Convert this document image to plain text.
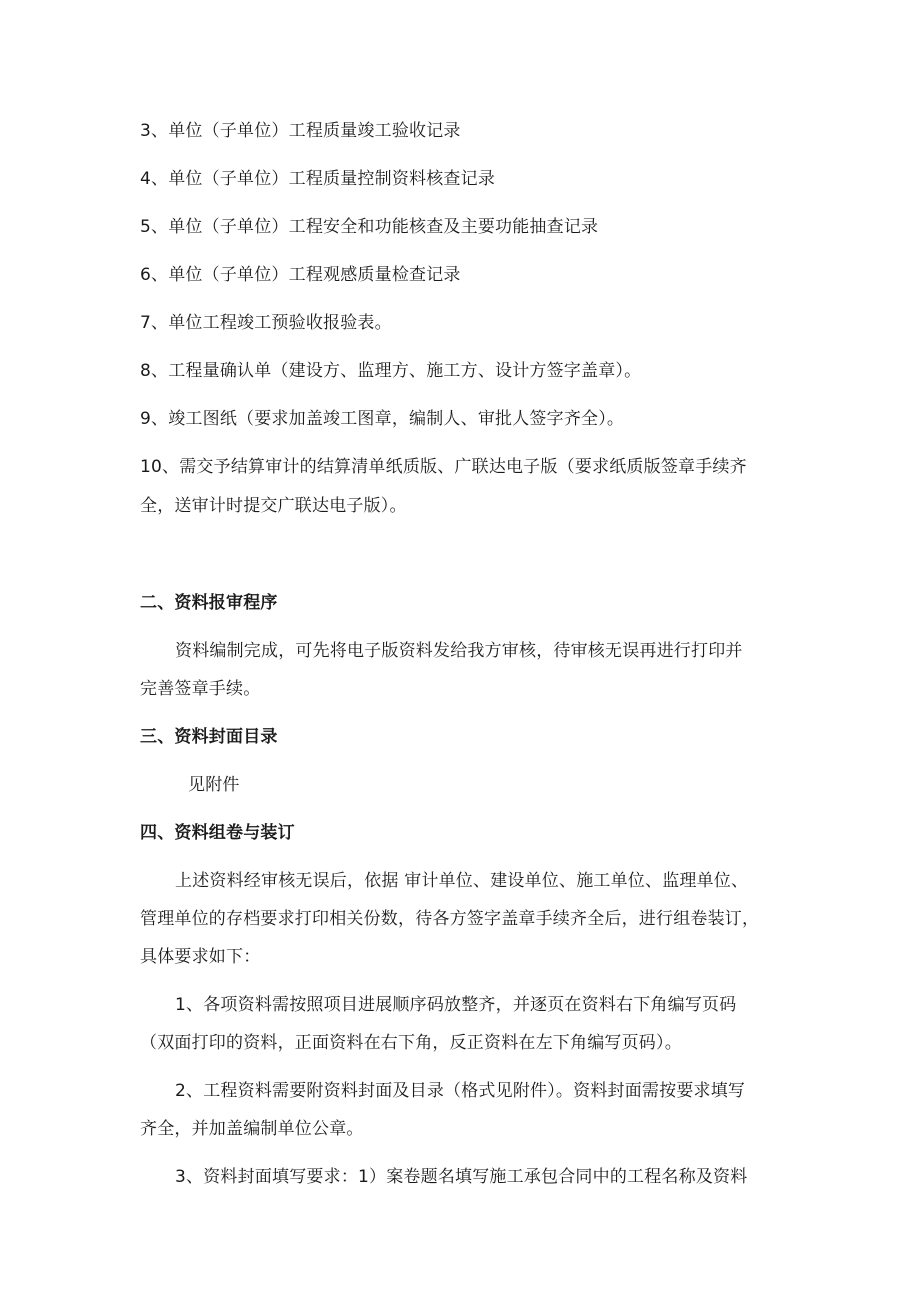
3、单位（子单位）工程质量竣工验收记录
4、单位（子单位）工程质量控制资料核查记录
5、单位（子单位）工程安全和功能核查及主要功能抽查记录
6、单位（子单位）工程观感质量检查记录
7、单位工程竣工预验收报验表。
8、工程量确认单（建设方、监理方、施工方、设计方签字盖章）。
9、竣工图纸（要求加盖竣工图章，编制人、审批人签字齐全）。
10、需交予结算审计的结算清单纸质版、广联达电子版（要求纸质版签章手续齐
全，送审计时提交广联达电子版）。
二、资料报审程序
资料编制完成，可先将电子版资料发给我方审核，待审核无误再进行打印并
完善签章手续。
三、资料封面目录
见附件
四、资料组卷与装订
上述资料经审核无误后，依据 审计单位、建设单位、施工单位、监理单位、
管理单位的存档要求打印相关份数，待各方签字盖章手续齐全后，进行组卷装订，
具体要求如下：
1、各项资料需按照项目进展顺序码放整齐，并逐页在资料右下角编写页码
（双面打印的资料，正面资料在右下角，反正资料在左下角编写页码）。
2、工程资料需要附资料封面及目录（格式见附件）。资料封面需按要求填写
齐全，并加盖编制单位公章。
3、资料封面填写要求：1）案卷题名填写施工承包合同中的工程名称及资料
